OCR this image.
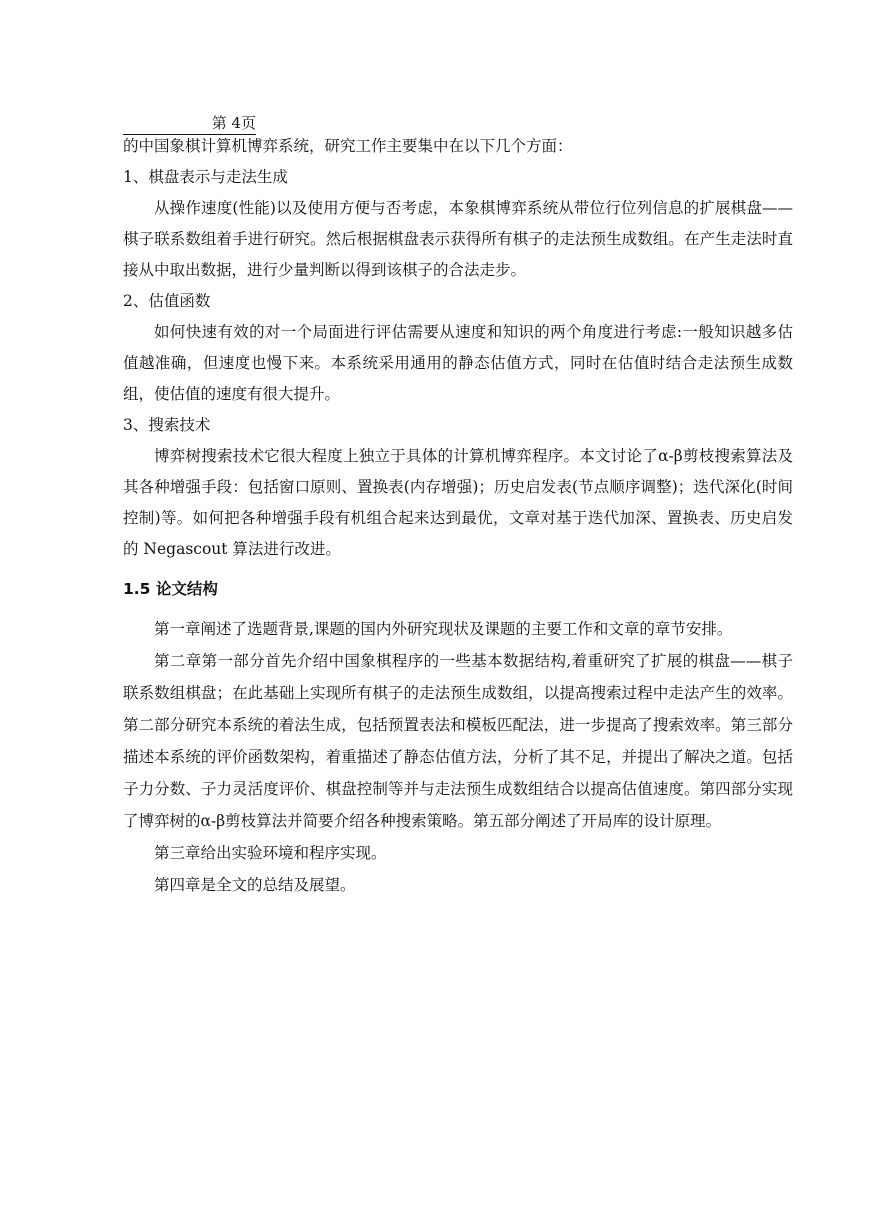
第 4页

的中国象棋计算机博弈系统，研究工作主要集中在以下几个方面：

1、棋盘表示与走法生成

从操作速度(性能)以及使用方便与否考虑，本象棋博弈系统从带位行位列信息的扩展棋盘——棋子联系数组着手进行研究。然后根据棋盘表示获得所有棋子的走法预生成数组。在产生走法时直接从中取出数据，进行少量判断以得到该棋子的合法走步。

2、估值函数

如何快速有效的对一个局面进行评估需要从速度和知识的两个角度进行考虑:一般知识越多估值越准确，但速度也慢下来。本系统采用通用的静态估值方式，同时在估值时结合走法预生成数组，使估值的速度有很大提升。

3、搜索技术

博弈树搜索技术它很大程度上独立于具体的计算机博弈程序。本文讨论了α-β剪枝搜索算法及其各种增强手段：包括窗口原则、置换表(内存增强)；历史启发表(节点顺序调整)；迭代深化(时间控制)等。如何把各种增强手段有机组合起来达到最优，文章对基于迭代加深、置换表、历史启发的 Negascout 算法进行改进。

1.5 论文结构

第一章阐述了选题背景,课题的国内外研究现状及课题的主要工作和文章的章节安排。

第二章第一部分首先介绍中国象棋程序的一些基本数据结构,着重研究了扩展的棋盘——棋子联系数组棋盘；在此基础上实现所有棋子的走法预生成数组，以提高搜索过程中走法产生的效率。第二部分研究本系统的着法生成，包括预置表法和模板匹配法，进一步提高了搜索效率。第三部分描述本系统的评价函数架构，着重描述了静态估值方法，分析了其不足，并提出了解决之道。包括子力分数、子力灵活度评价、棋盘控制等并与走法预生成数组结合以提高估值速度。第四部分实现了博弈树的α-β剪枝算法并简要介绍各种搜索策略。第五部分阐述了开局库的设计原理。

第三章给出实验环境和程序实现。

第四章是全文的总结及展望。
